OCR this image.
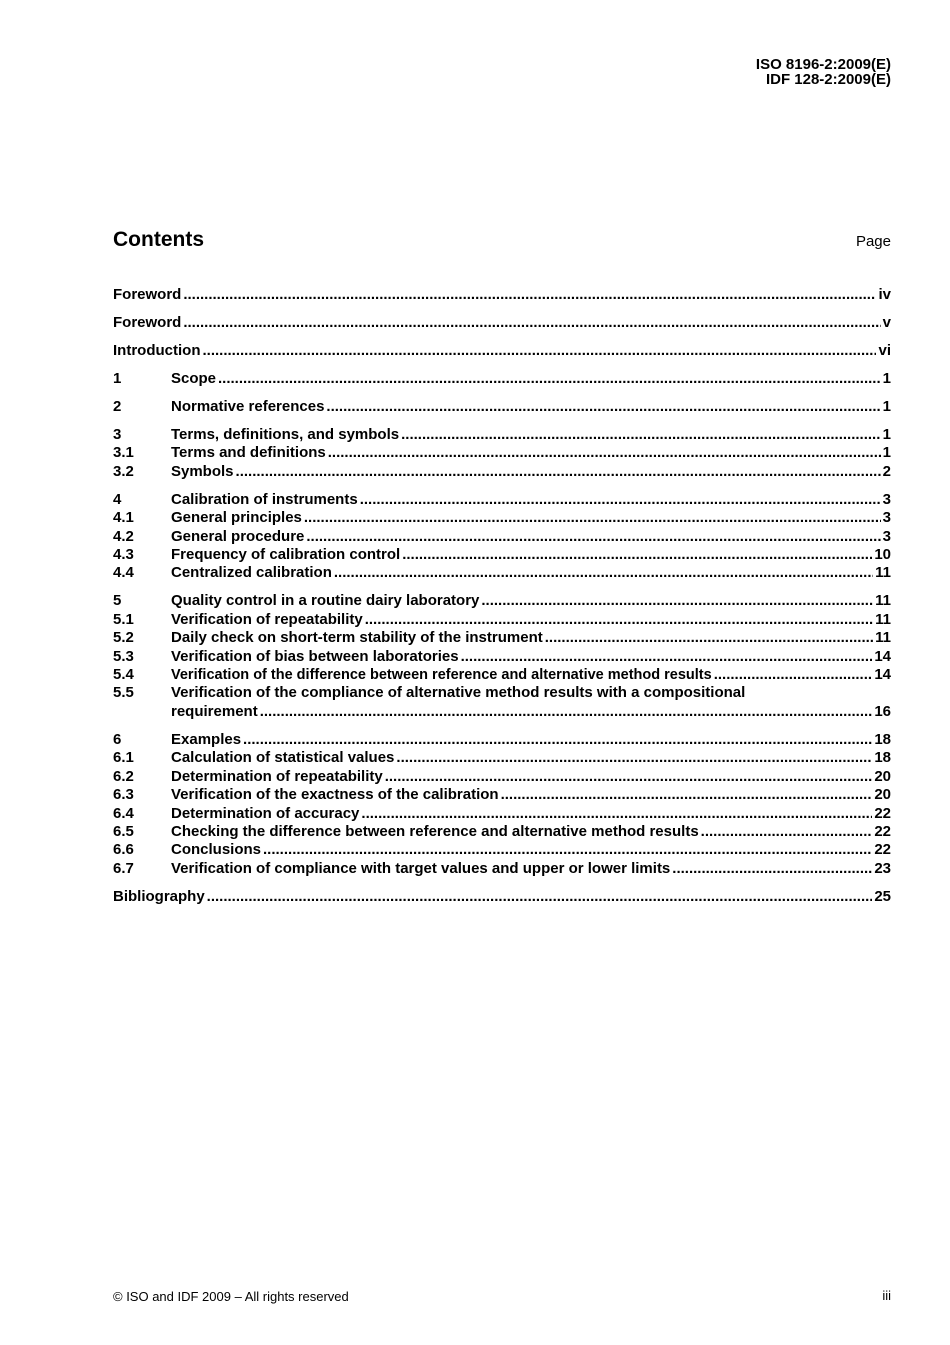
ISO 8196-2:2009(E)
IDF 128-2:2009(E)
Contents	Page
Foreword .....	iv
Foreword .....	v
Introduction .....	vi
1	Scope .....	1
2	Normative references .....	1
3	Terms, definitions, and symbols .....	1
3.1	Terms and definitions .....	1
3.2	Symbols .....	2
4	Calibration of instruments .....	3
4.1	General principles .....	3
4.2	General procedure .....	3
4.3	Frequency of calibration control .....	10
4.4	Centralized calibration .....	11
5	Quality control in a routine dairy laboratory .....	11
5.1	Verification of repeatability .....	11
5.2	Daily check on short-term stability of the instrument .....	11
5.3	Verification of bias between laboratories .....	14
5.4	Verification of the difference between reference and alternative method results .....	14
5.5	Verification of the compliance of alternative method results with a compositional
requirement .....	16
6	Examples .....	18
6.1	Calculation of statistical values .....	18
6.2	Determination of repeatability .....	20
6.3	Verification of the exactness of the calibration .....	20
6.4	Determination of accuracy .....	22
6.5	Checking the difference between reference and alternative method results .....	22
6.6	Conclusions .....	22
6.7	Verification of compliance with target values and upper or lower limits .....	23
Bibliography .....	25
© ISO and IDF 2009 – All rights reserved	iii
